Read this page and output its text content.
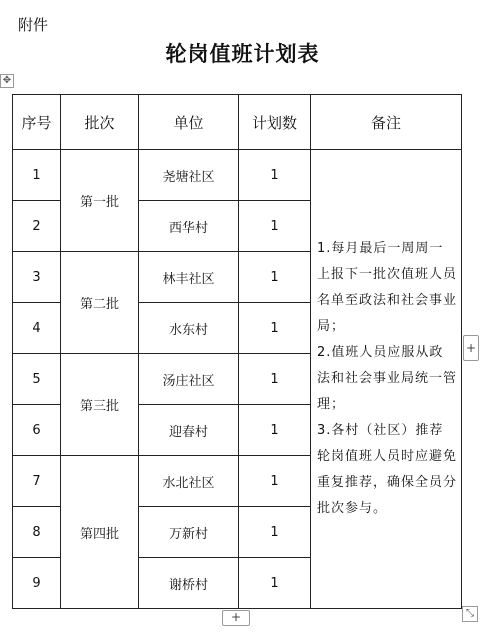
附件
轮岗值班计划表
✥
序号	批次	单位	计划数	备注
1	第一批	尧塘社区	1	1.每月最后一周周一上报下一批次值班人员名单至政法和社会事业局；
2.值班人员应服从政法和社会事业局统一管理；
3.各村（社区）推荐轮岗值班人员时应避免重复推荐，确保全员分批次参与。

2		西华村	1	
3	第二批	林丰社区	1	
4		水东村	1	
5	第三批	汤庄社区	1	
6		迎春村	1	
7	第四批	水北社区	1	
8		万新村	1	
9		谢桥村	1	
+
+	⤡
